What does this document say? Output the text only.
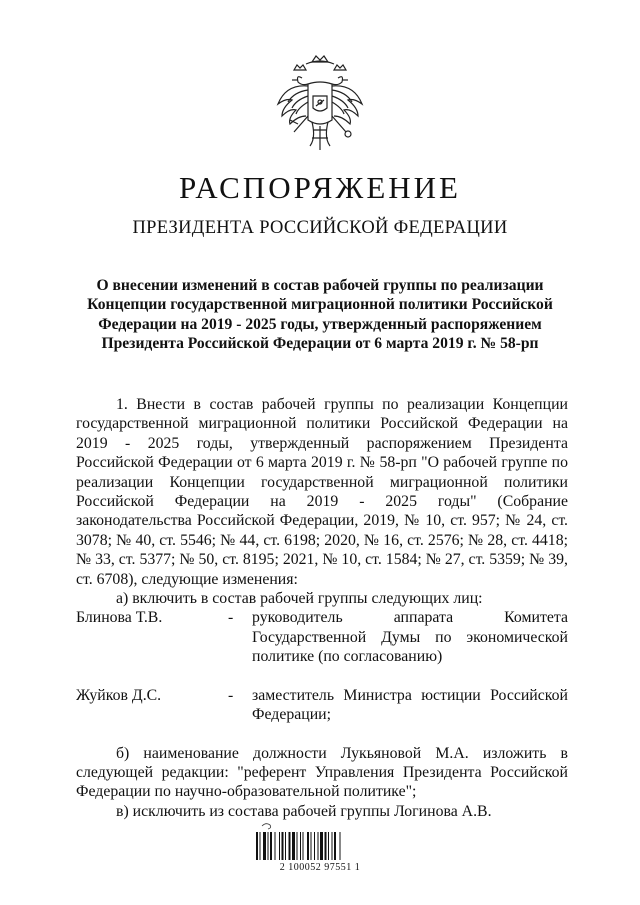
РАСПОРЯЖЕНИЕ
ПРЕЗИДЕНТА РОССИЙСКОЙ ФЕДЕРАЦИИ
О внесении изменений в состав рабочей группы по реализации Концепции государственной миграционной политики Российской Федерации на 2019 - 2025 годы, утвержденный распоряжением Президента Российской Федерации от 6 марта 2019 г. № 58-рп

1. Внести в состав рабочей группы по реализации Концепции государственной миграционной политики Российской Федерации на 2019 - 2025 годы, утвержденный распоряжением Президента Российской Федерации от 6 марта 2019 г. № 58-рп "О рабочей группе по реализации Концепции государственной миграционной политики Российской Федерации на 2019 - 2025 годы" (Собрание законодательства Российской Федерации, 2019, № 10, ст. 957; № 24, ст. 3078; № 40, ст. 5546; № 44, ст. 6198; 2020, № 16, ст. 2576; № 28, ст. 4418; № 33, ст. 5377; № 50, ст. 8195; 2021, № 10, ст. 1584; № 27, ст. 5359; № 39, ст. 6708), следующие изменения:

а) включить в состав рабочей группы следующих лиц:

Блинова Т.В.	-	руководитель аппарата Комитета Государственной Думы по экономической политике (по согласованию)
Жуйков Д.С.	-	заместитель Министра юстиции Российской Федерации;

б) наименование должности Лукьяновой М.А. изложить в следующей редакции: "референт Управления Президента Российской Федерации по научно-образовательной политике";

в) исключить из состава рабочей группы Логинова А.В.

2 100052 97551 1
